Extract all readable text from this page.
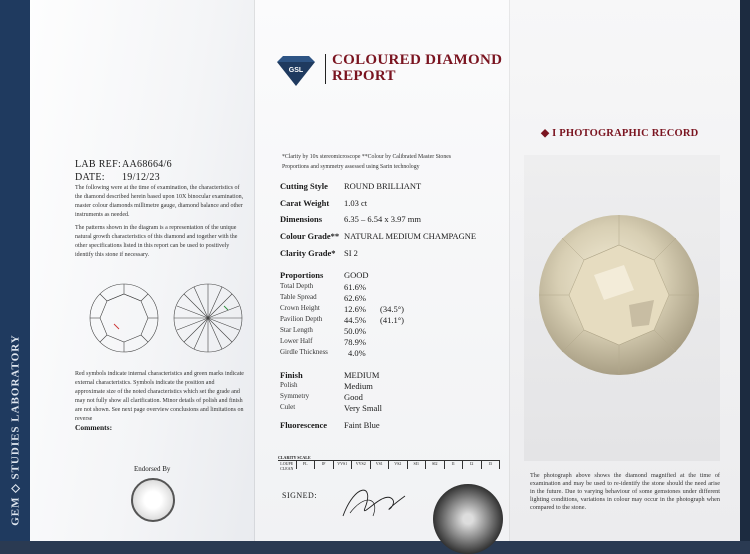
GEM ◇ STUDIES LABORATORY
LAB REF:AA68664/6
DATE: 19/12/23
The following were at the time of examination, the characteristics of the diamond described herein based upon 10X binocular examination, master colour diamonds millimetre gauge, diamond balance and other instruments as needed.
The patterns shown in the diagram is a representation of the unique natural growth characteristics of this diamond and together with the other specifications listed in this report can be used to positively identify this stone if necessary.
Red symbols indicate internal characteristics and green marks indicate external characteristics. Symbols indicate the position and approximate size of the noted characteristics which set the grade and may not fully show all clarification. Minor details of polish and finish are not shown. See next page overview conclusions and limitations on reverse
Comments:
Endorsed By
GSL
COLOURED DIAMOND
REPORT
*Clarity by 10x stereomicroscope **Colour by Calibrated Master Stones
Proportions and symmetry assessed using Sarin technology
Cutting Style ROUND BRILLIANT
Carat Weight 1.03 ct
Dimensions	6.35 – 6.54 x 3.97 mm
Colour Grade** NATURAL MEDIUM CHAMPAGNE
Clarity Grade* SI 2
Proportions GOOD
Total Depth	61.6%
Table Spread	62.6%
Crown Height	12.6% (34.5°)
Pavilion Depth	44.5% (41.1°)
Star Length	50.0%
Lower Half	78.9%
Girdle Thickness 4.0%
Finish	MEDIUM
Polish	Medium
Symmetry	Good
Culet	Very Small
Fluorescence Faint Blue
CLARITY SCALE
LOUPE CLEAN
FL	IF	VVS1	VVS2	VS1	VS2	SI1	SI2	I1	I2	I3
SIGNED:
◆ I PHOTOGRAPHIC RECORD
The photograph above shows the diamond magnified at the time of examination and may be used to re-identify the stone should the need arise in the future. Due to varying behaviour of some gemstones under different lighting conditions, variations in colour may occur in the photograph when compared to the stone.
